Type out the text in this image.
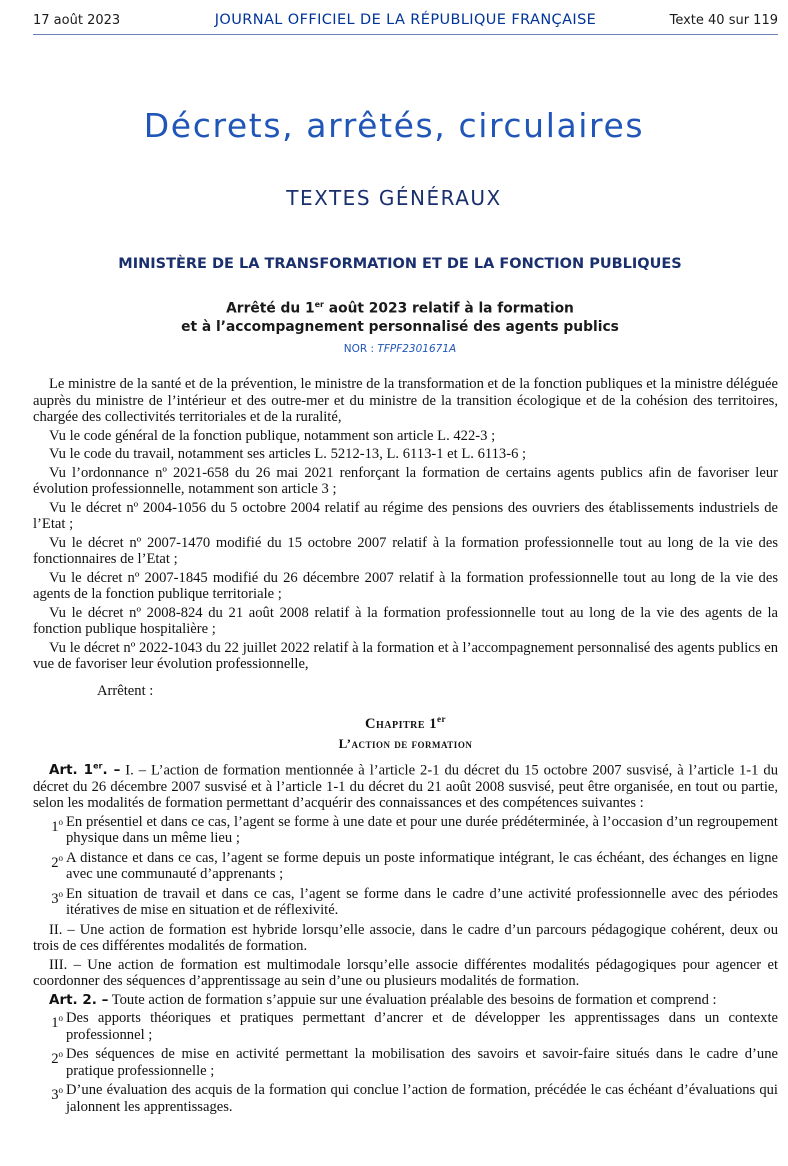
17 août 2023	JOURNAL OFFICIEL DE LA RÉPUBLIQUE FRANÇAISE	Texte 40 sur 119
Décrets, arrêtés, circulaires
TEXTES GÉNÉRAUX
MINISTÈRE DE LA TRANSFORMATION ET DE LA FONCTION PUBLIQUES
Arrêté du 1er août 2023 relatif à la formation
et à l’accompagnement personnalisé des agents publics
NOR : TFPF2301671A

Le ministre de la santé et de la prévention, le ministre de la transformation et de la fonction publiques et la ministre déléguée auprès du ministre de l’intérieur et des outre-mer et du ministre de la transition écologique et de la cohésion des territoires, chargée des collectivités territoriales et de la ruralité,

Vu le code général de la fonction publique, notamment son article L. 422-3 ;

Vu le code du travail, notamment ses articles L. 5212-13, L. 6113-1 et L. 6113-6 ;

Vu l’ordonnance nº 2021-658 du 26 mai 2021 renforçant la formation de certains agents publics afin de favoriser leur évolution professionnelle, notamment son article 3 ;

Vu le décret nº 2004-1056 du 5 octobre 2004 relatif au régime des pensions des ouvriers des établissements industriels de l’Etat ;

Vu le décret nº 2007-1470 modifié du 15 octobre 2007 relatif à la formation professionnelle tout au long de la vie des fonctionnaires de l’Etat ;

Vu le décret nº 2007-1845 modifié du 26 décembre 2007 relatif à la formation professionnelle tout au long de la vie des agents de la fonction publique territoriale ;

Vu le décret nº 2008-824 du 21 août 2008 relatif à la formation professionnelle tout au long de la vie des agents de la fonction publique hospitalière ;

Vu le décret nº 2022-1043 du 22 juillet 2022 relatif à la formation et à l’accompagnement personnalisé des agents publics en vue de favoriser leur évolution professionnelle,

Arrêtent :

Chapitre 1er
L’action de formation

Art. 1er. – I. – L’action de formation mentionnée à l’article 2-1 du décret du 15 octobre 2007 susvisé, à l’article 1-1 du décret du 26 décembre 2007 susvisé et à l’article 1-1 du décret du 21 août 2008 susvisé, peut être organisée, en tout ou partie, selon les modalités de formation permettant d’acquérir des connaissances et des compétences suivantes :

1$^o$ En présentiel et dans ce cas, l’agent se forme à une date et pour une durée prédéterminée, à l’occasion d’un regroupement physique dans un même lieu ;
2$^o$ A distance et dans ce cas, l’agent se forme depuis un poste informatique intégrant, le cas échéant, des échanges en ligne avec une communauté d’apprenants ;
3$^o$ En situation de travail et dans ce cas, l’agent se forme dans le cadre d’une activité professionnelle avec des périodes itératives de mise en situation et de réflexivité.

II. – Une action de formation est hybride lorsqu’elle associe, dans le cadre d’un parcours pédagogique cohérent, deux ou trois de ces différentes modalités de formation.

III. – Une action de formation est multimodale lorsqu’elle associe différentes modalités pédagogiques pour agencer et coordonner des séquences d’apprentissage au sein d’une ou plusieurs modalités de formation.

Art. 2. – Toute action de formation s’appuie sur une évaluation préalable des besoins de formation et comprend :

1$^o$ Des apports théoriques et pratiques permettant d’ancrer et de développer les apprentissages dans un contexte professionnel ;
2$^o$ Des séquences de mise en activité permettant la mobilisation des savoirs et savoir-faire situés dans le cadre d’une pratique professionnelle ;
3$^o$ D’une évaluation des acquis de la formation qui conclue l’action de formation, précédée le cas échéant d’évaluations qui jalonnent les apprentissages.
